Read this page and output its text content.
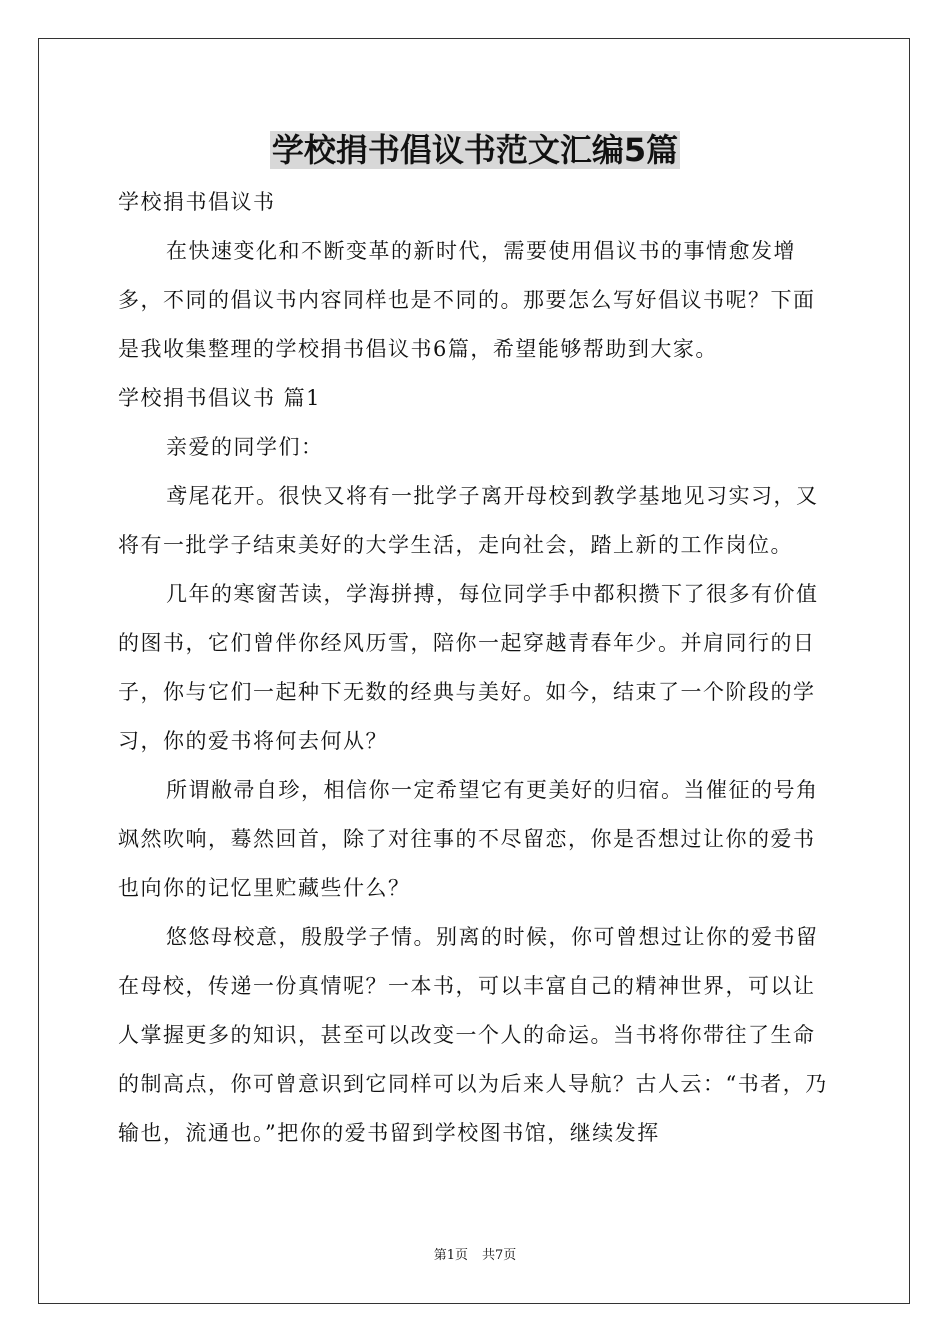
学校捐书倡议书范文汇编5篇

学校捐书倡议书

在快速变化和不断变革的新时代，需要使用倡议书的事情愈发增多，不同的倡议书内容同样也是不同的。那要怎么写好倡议书呢？下面是我收集整理的学校捐书倡议书6篇，希望能够帮助到大家。

学校捐书倡议书 篇1

亲爱的同学们：

鸢尾花开。很快又将有一批学子离开母校到教学基地见习实习，又将有一批学子结束美好的大学生活，走向社会，踏上新的工作岗位。

几年的寒窗苦读，学海拼搏，每位同学手中都积攒下了很多有价值的图书，它们曾伴你经风历雪，陪你一起穿越青春年少。并肩同行的日子，你与它们一起种下无数的经典与美好。如今，结束了一个阶段的学习，你的爱书将何去何从？

所谓敝帚自珍，相信你一定希望它有更美好的归宿。当催征的号角飒然吹响，蓦然回首，除了对往事的不尽留恋，你是否想过让你的爱书也向你的记忆里贮藏些什么？

悠悠母校意，殷殷学子情。别离的时候，你可曾想过让你的爱书留在母校，传递一份真情呢？一本书，可以丰富自己的精神世界，可以让人掌握更多的知识，甚至可以改变一个人的命运。当书将你带往了生命的制高点，你可曾意识到它同样可以为后来人导航？古人云：“书者，乃输也，流通也。”把你的爱书留到学校图书馆，继续发挥

第1页 共7页
